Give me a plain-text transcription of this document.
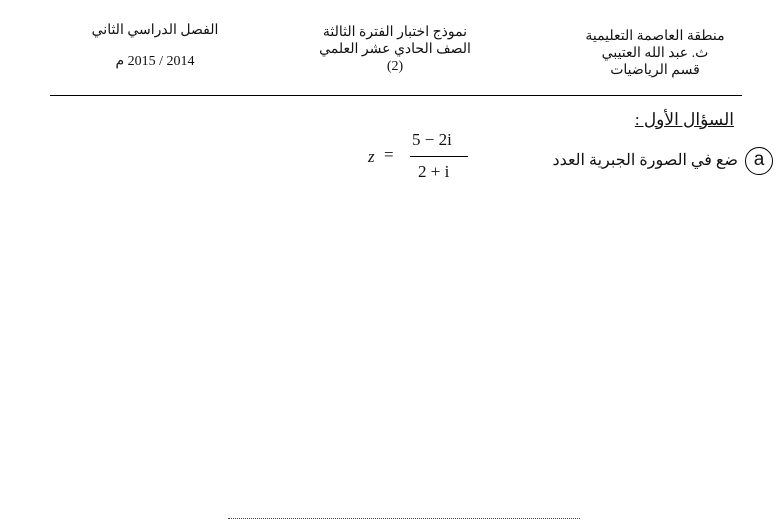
منطقة العاصمة التعليمية
ث. عبد الله العتيبي
قسم الرياضيات
نموذج اختبار الفترة الثالثة
الصف الحادي عشر العلمي
(2)
الفصل الدراسي الثاني
2014 / 2015 م
السؤال الأول :
a
ضع في الصورة الجبرية العدد
z =
5 − 2i
2 + i
